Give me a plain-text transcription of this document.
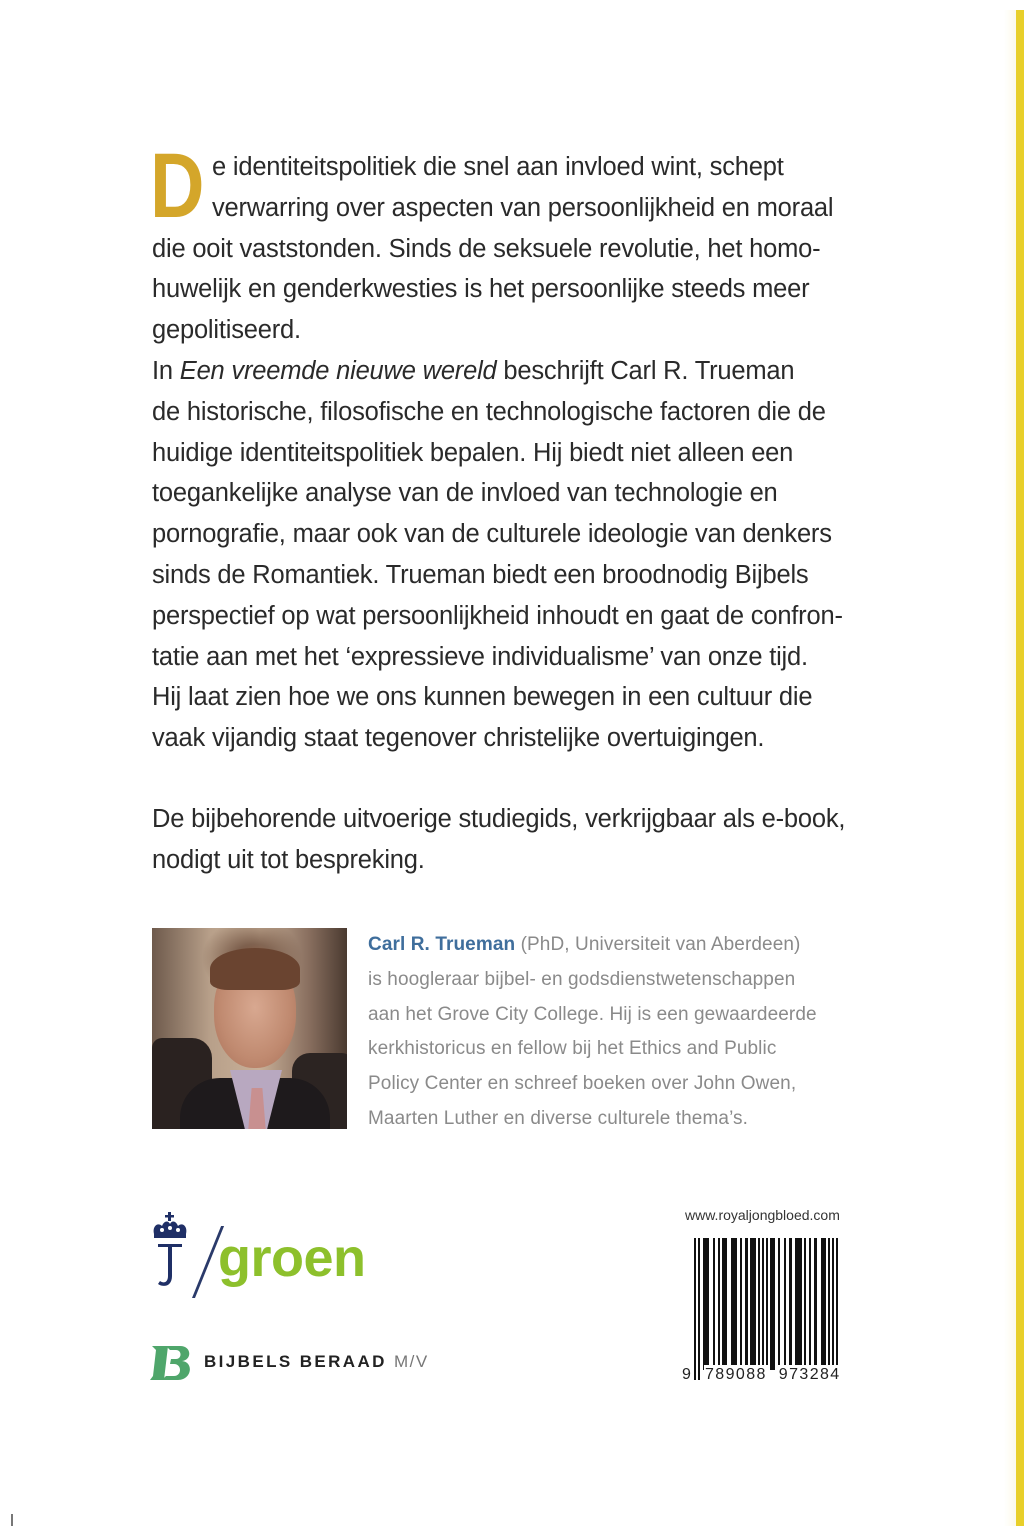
D e identiteitspolitiek die snel aan invloed wint, schept
verwarring over aspecten van persoonlijkheid en moraal
die ooit vaststonden. Sinds de seksuele revolutie, het homo-
huwelijk en genderkwesties is het persoonlijke steeds meer
gepolitiseerd.

In Een vreemde nieuwe wereld beschrijft Carl R. Trueman
de historische, filosofische en technologische factoren die de
huidige identiteitspolitiek bepalen. Hij biedt niet alleen een
toegankelijke analyse van de invloed van technologie en
pornografie, maar ook van de culturele ideologie van denkers
sinds de Romantiek. Trueman biedt een broodnodig Bijbels
perspectief op wat persoonlijkheid inhoudt en gaat de confron-
tatie aan met het ‘expressieve individualisme’ van onze tijd.
Hij laat zien hoe we ons kunnen bewegen in een cultuur die
vaak vijandig staat tegenover christelijke overtuigingen.

De bijbehorende uitvoerige studiegids, verkrijgbaar als e-book,
nodigt uit tot bespreking.

Carl R. Trueman (PhD, Universiteit van Aberdeen)
is hoogleraar bijbel- en godsdienstwetenschappen
aan het Grove City College. Hij is een gewaardeerde
kerkhistoricus en fellow bij het Ethics and Public
Policy Center en schreef boeken over John Owen,
Maarten Luther en diverse culturele thema’s.
groen
BIJBELS BERAAD M/V
www.royaljongbloed.com
9 789088 973284
